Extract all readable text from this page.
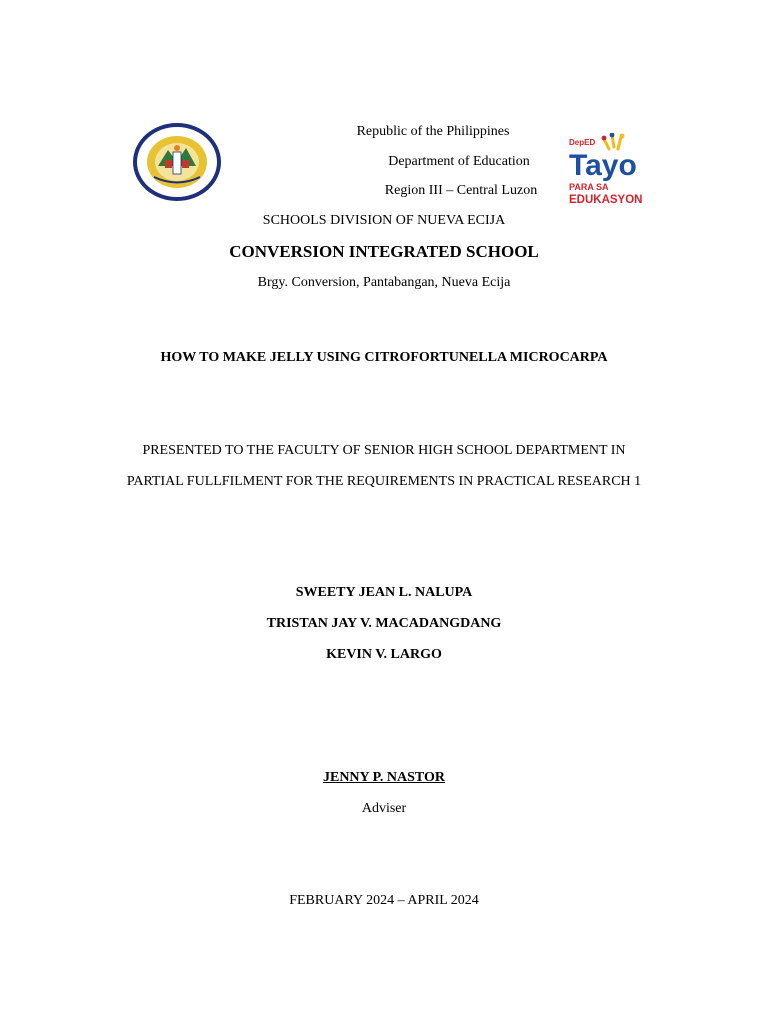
DepED
Tayo
PARA SA
EDUKASYON
Republic of the Philippines
Department of Education
Region III – Central Luzon
SCHOOLS DIVISION OF NUEVA ECIJA
CONVERSION INTEGRATED SCHOOL
Brgy. Conversion, Pantabangan, Nueva Ecija
HOW TO MAKE JELLY USING CITROFORTUNELLA MICROCARPA
PRESENTED TO THE FACULTY OF SENIOR HIGH SCHOOL DEPARTMENT IN
PARTIAL FULLFILMENT FOR THE REQUIREMENTS IN PRACTICAL RESEARCH 1
SWEETY JEAN L. NALUPA
TRISTAN JAY V. MACADANGDANG
KEVIN V. LARGO
JENNY P. NASTOR
Adviser
FEBRUARY 2024 – APRIL 2024
